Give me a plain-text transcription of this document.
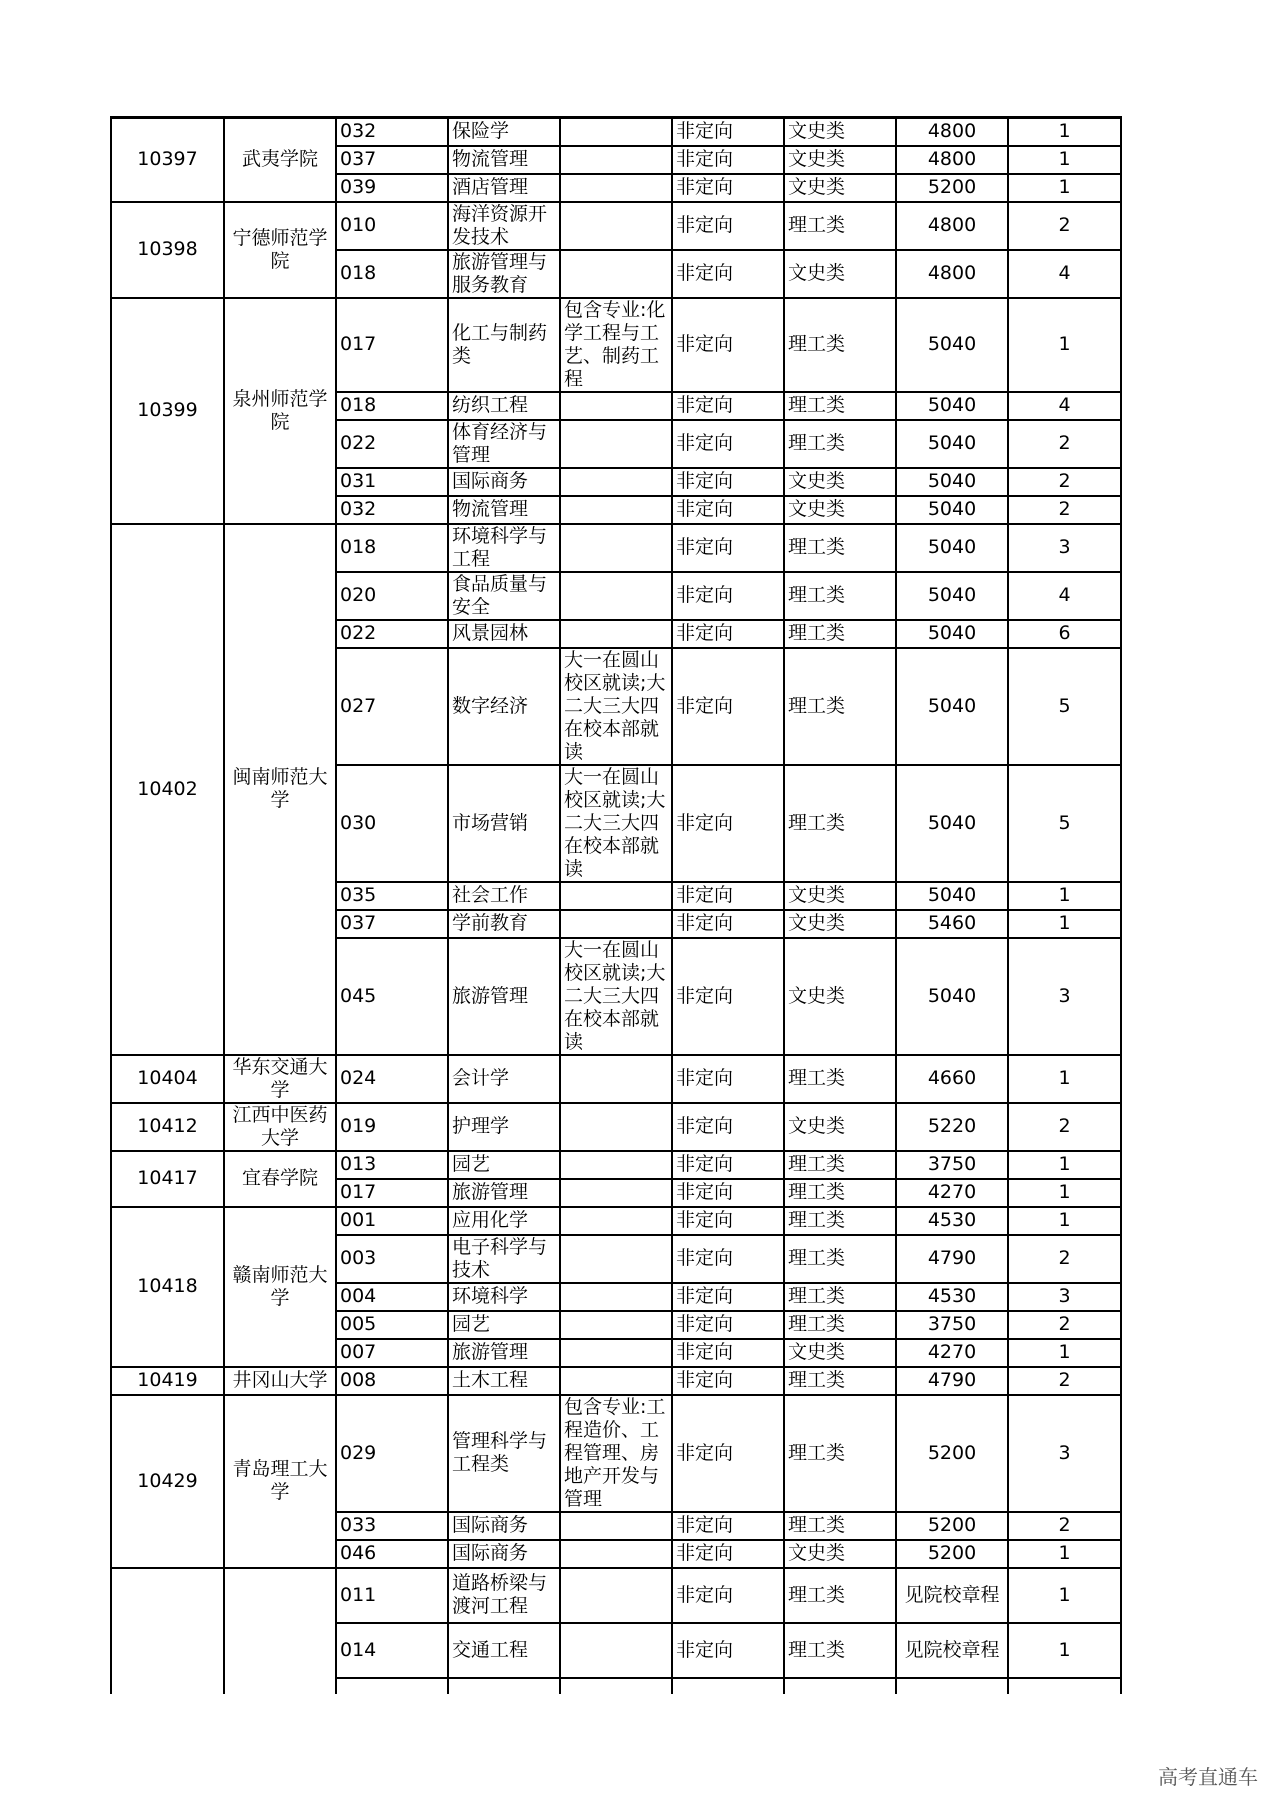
10397	武夷学院	032	保险学		非定向	文史类	4800	1
		037	物流管理		非定向	文史类	4800	1
		039	酒店管理		非定向	文史类	5200	1
10398	宁德师范学院	010	海洋资源开发技术		非定向	理工类	4800	2
		018	旅游管理与服务教育		非定向	文史类	4800	4
10399	泉州师范学院	017	化工与制药类	包含专业:化学工程与工艺、制药工程	非定向	理工类	5040	1
		018	纺织工程		非定向	理工类	5040	4
		022	体育经济与管理		非定向	理工类	5040	2
		031	国际商务		非定向	文史类	5040	2
		032	物流管理		非定向	文史类	5040	2
10402	闽南师范大学	018	环境科学与工程		非定向	理工类	5040	3
		020	食品质量与安全		非定向	理工类	5040	4
		022	风景园林		非定向	理工类	5040	6
		027	数字经济	大一在圆山校区就读;大二大三大四在校本部就读	非定向	理工类	5040	5
		030	市场营销	大一在圆山校区就读;大二大三大四在校本部就读	非定向	理工类	5040	5
		035	社会工作		非定向	文史类	5040	1
		037	学前教育		非定向	文史类	5460	1
		045	旅游管理	大一在圆山校区就读;大二大三大四在校本部就读	非定向	文史类	5040	3
10404	华东交通大学	024	会计学		非定向	理工类	4660	1
10412	江西中医药大学	019	护理学		非定向	文史类	5220	2
10417	宜春学院	013	园艺		非定向	理工类	3750	1
		017	旅游管理		非定向	理工类	4270	1
10418	赣南师范大学	001	应用化学		非定向	理工类	4530	1
		003	电子科学与技术		非定向	理工类	4790	2
		004	环境科学		非定向	理工类	4530	3
		005	园艺		非定向	理工类	3750	2
		007	旅游管理		非定向	文史类	4270	1
10419	井冈山大学	008	土木工程		非定向	理工类	4790	2
10429	青岛理工大学	029	管理科学与工程类	包含专业:工程造价、工程管理、房地产开发与管理	非定向	理工类	5200	3
		033	国际商务		非定向	理工类	5200	2
		046	国际商务		非定向	文史类	5200	1
		011	道路桥梁与渡河工程		非定向	理工类	见院校章程	1
		014	交通工程		非定向	理工类	见院校章程	1

高考直通车
